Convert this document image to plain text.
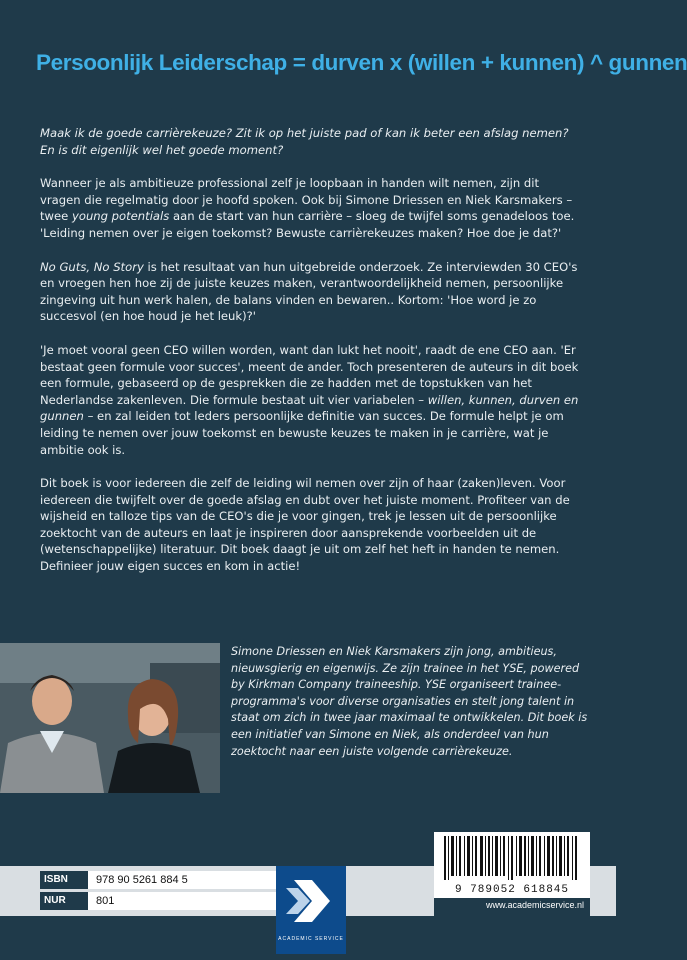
Persoonlijk Leiderschap = durven x (willen + kunnen) ^ gunnen

Maak ik de goede carrièrekeuze? Zit ik op het juiste pad of kan ik beter een afslag nemen? En is dit eigenlijk wel het goede moment?

Wanneer je als ambitieuze professional zelf je loopbaan in handen wilt nemen, zijn dit vragen die regelmatig door je hoofd spoken. Ook bij Simone Driessen en Niek Karsmakers – twee young potentials aan de start van hun carrière – sloeg de twijfel soms genadeloos toe. 'Leiding nemen over je eigen toekomst? Bewuste carrièrekeuzes maken? Hoe doe je dat?'

No Guts, No Story is het resultaat van hun uitgebreide onderzoek. Ze interviewden 30 CEO's en vroegen hen hoe zij de juiste keuzes maken, verantwoordelijkheid nemen, persoonlijke zingeving uit hun werk halen, de balans vinden en bewaren.. Kortom: 'Hoe word je zo succesvol (en hoe houd je het leuk)?'

'Je moet vooral geen CEO willen worden, want dan lukt het nooit', raadt de ene CEO aan. 'Er bestaat geen formule voor succes', meent de ander. Toch presenteren de auteurs in dit boek een formule, gebaseerd op de gesprekken die ze hadden met de topstukken van het Nederlandse zakenleven. Die formule bestaat uit vier variabelen – willen, kunnen, durven en gunnen – en zal leiden tot leders persoonlijke definitie van succes. De formule helpt je om leiding te nemen over jouw toekomst en bewuste keuzes te maken in je carrière, wat je ambitie ook is.

Dit boek is voor iedereen die zelf de leiding wil nemen over zijn of haar (zaken)leven. Voor iedereen die twijfelt over de goede afslag en dubt over het juiste moment. Profiteer van de wijsheid en talloze tips van de CEO's die je voor gingen, trek je lessen uit de persoonlijke zoektocht van de auteurs en laat je inspireren door aansprekende voorbeelden uit de (wetenschappelijke) literatuur. Dit boek daagt je uit om zelf het heft in handen te nemen. Definieer jouw eigen succes en kom in actie!

Simone Driessen en Niek Karsmakers zijn jong, ambitieus, nieuwsgierig en eigenwijs. Ze zijn trainee in het YSE, powered by Kirkman Company traineeship. YSE organiseert trainee-programma's voor diverse organisaties en stelt jong talent in staat om zich in twee jaar maximaal te ontwikkelen. Dit boek is een initiatief van Simone en Niek, als onderdeel van hun zoektocht naar een juiste volgende carrièrekeuze.
ISBN	978 90 5261 884 5
NUR	801
ACADEMIC SERVICE
9 789052 618845
www.academicservice.nl
